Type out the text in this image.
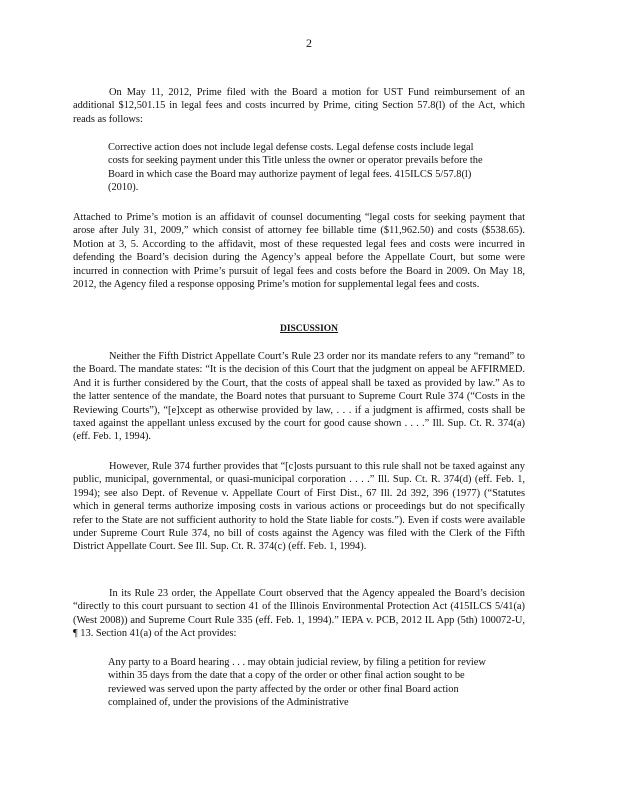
2
On May 11, 2012, Prime filed with the Board a motion for UST Fund reimbursement of an additional $12,501.15 in legal fees and costs incurred by Prime, citing Section 57.8(l) of the Act, which reads as follows:
Corrective action does not include legal defense costs. Legal defense costs include legal costs for seeking payment under this Title unless the owner or operator prevails before the Board in which case the Board may authorize payment of legal fees. 415ILCS 5/57.8(l) (2010).
Attached to Prime’s motion is an affidavit of counsel documenting “legal costs for seeking payment that arose after July 31, 2009,” which consist of attorney fee billable time ($11,962.50) and costs ($538.65). Motion at 3, 5. According to the affidavit, most of these requested legal fees and costs were incurred in defending the Board’s decision during the Agency’s appeal before the Appellate Court, but some were incurred in connection with Prime’s pursuit of legal fees and costs before the Board in 2009. On May 18, 2012, the Agency filed a response opposing Prime’s motion for supplemental legal fees and costs.
DISCUSSION
Neither the Fifth District Appellate Court’s Rule 23 order nor its mandate refers to any “remand” to the Board. The mandate states: “It is the decision of this Court that the judgment on appeal be AFFIRMED. And it is further considered by the Court, that the costs of appeal shall be taxed as provided by law.” As to the latter sentence of the mandate, the Board notes that pursuant to Supreme Court Rule 374 (“Costs in the Reviewing Courts”), “[e]xcept as otherwise provided by law, . . . if a judgment is affirmed, costs shall be taxed against the appellant unless excused by the court for good cause shown . . . .” Ill. Sup. Ct. R. 374(a) (eff. Feb. 1, 1994).
However, Rule 374 further provides that “[c]osts pursuant to this rule shall not be taxed against any public, municipal, governmental, or quasi-municipal corporation . . . .” Ill. Sup. Ct. R. 374(d) (eff. Feb. 1, 1994); see also Dept. of Revenue v. Appellate Court of First Dist., 67 Ill. 2d 392, 396 (1977) (“Statutes which in general terms authorize imposing costs in various actions or proceedings but do not specifically refer to the State are not sufficient authority to hold the State liable for costs.”). Even if costs were available under Supreme Court Rule 374, no bill of costs against the Agency was filed with the Clerk of the Fifth District Appellate Court. See Ill. Sup. Ct. R. 374(c) (eff. Feb. 1, 1994).
In its Rule 23 order, the Appellate Court observed that the Agency appealed the Board’s decision “directly to this court pursuant to section 41 of the Illinois Environmental Protection Act (415ILCS 5/41(a) (West 2008)) and Supreme Court Rule 335 (eff. Feb. 1, 1994).” IEPA v. PCB, 2012 IL App (5th) 100072-U, ¶ 13. Section 41(a) of the Act provides:
Any party to a Board hearing . . . may obtain judicial review, by filing a petition for review within 35 days from the date that a copy of the order or other final action sought to be reviewed was served upon the party affected by the order or other final Board action complained of, under the provisions of the Administrative
